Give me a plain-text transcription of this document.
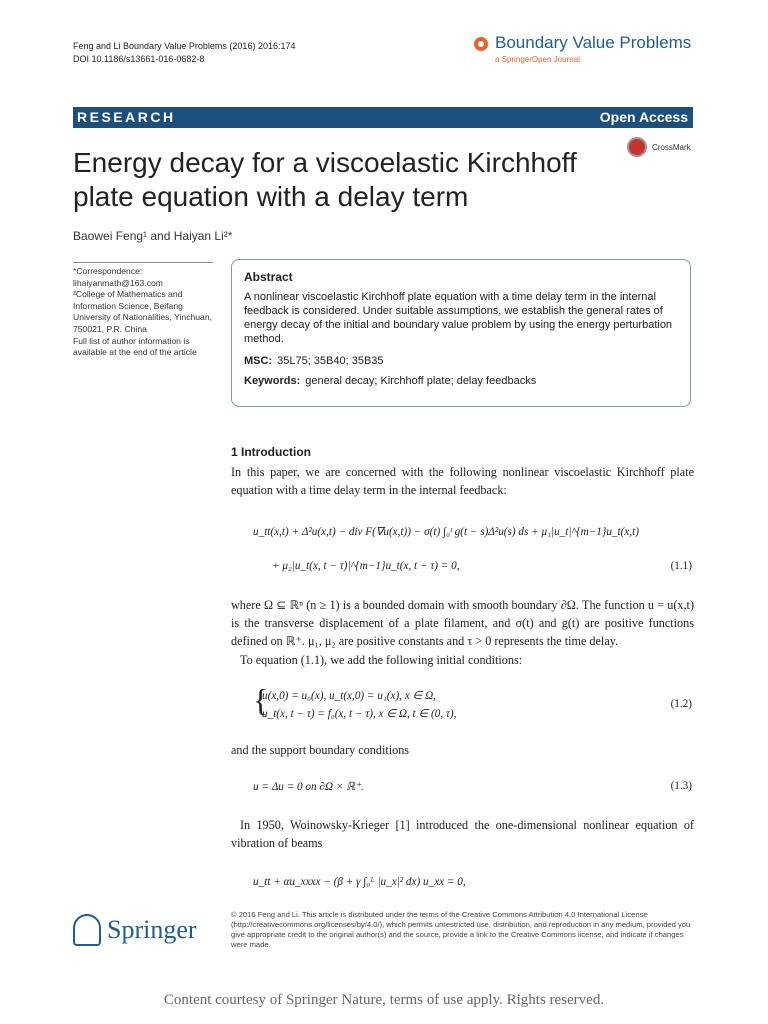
Feng and Li Boundary Value Problems (2016) 2016:174
DOI 10.1186/s13661-016-0682-8
Boundary Value Problems
a SpringerOpen Journal
RESEARCH	Open Access
Energy decay for a viscoelastic Kirchhoff plate equation with a delay term
CrossMark
Baowei Feng¹ and Haiyan Li²*
*Correspondence:
lihaiyanmath@163.com
²College of Mathematics and
Information Science, Beifang
University of Nationalities, Yinchuan,
750021, P.R. China
Full list of author information is
available at the end of the article
Abstract

A nonlinear viscoelastic Kirchhoff plate equation with a time delay term in the internal feedback is considered. Under suitable assumptions, we establish the general rates of energy decay of the initial and boundary value problem by using the energy perturbation method.

MSC: 35L75; 35B40; 35B35
Keywords: general decay; Kirchhoff plate; delay feedbacks
1 Introduction
In this paper, we are concerned with the following nonlinear viscoelastic Kirchhoff plate equation with a time delay term in the internal feedback:
u_tt(x,t) + Δ²u(x,t) − div F(∇u(x,t)) − σ(t) ∫₀ᵗ g(t − s)Δ²u(s) ds + μ₁|u_t|^{m−1}u_t(x,t)
+ μ₂|u_t(x, t − τ)|^{m−1}u_t(x, t − τ) = 0,	(1.1)
where Ω ⊆ ℝⁿ (n ≥ 1) is a bounded domain with smooth boundary ∂Ω. The function u = u(x,t) is the transverse displacement of a plate filament, and σ(t) and g(t) are positive functions defined on ℝ⁺. μ₁, μ₂ are positive constants and τ > 0 represents the time delay.
To equation (1.1), we add the following initial conditions:
{
u(x,0) = u₀(x), u_t(x,0) = u₁(x), x ∈ Ω,
u_t(x, t − τ) = f₀(x, t − τ), x ∈ Ω, t ∈ (0, τ),
(1.2)
and the support boundary conditions
u = Δu = 0 on ∂Ω × ℝ⁺.	(1.3)
In 1950, Woinowsky-Krieger [1] introduced the one-dimensional nonlinear equation of vibration of beams
u_tt + αu_xxxx − (β + γ ∫₀ᴸ |u_x|² dx) u_xx = 0,
Springer
© 2016 Feng and Li. This article is distributed under the terms of the Creative Commons Attribution 4.0 International License (http://creativecommons.org/licenses/by/4.0/), which permits unrestricted use, distribution, and reproduction in any medium, provided you give appropriate credit to the original author(s) and the source, provide a link to the Creative Commons license, and indicate if changes were made.
Content courtesy of Springer Nature, terms of use apply. Rights reserved.
